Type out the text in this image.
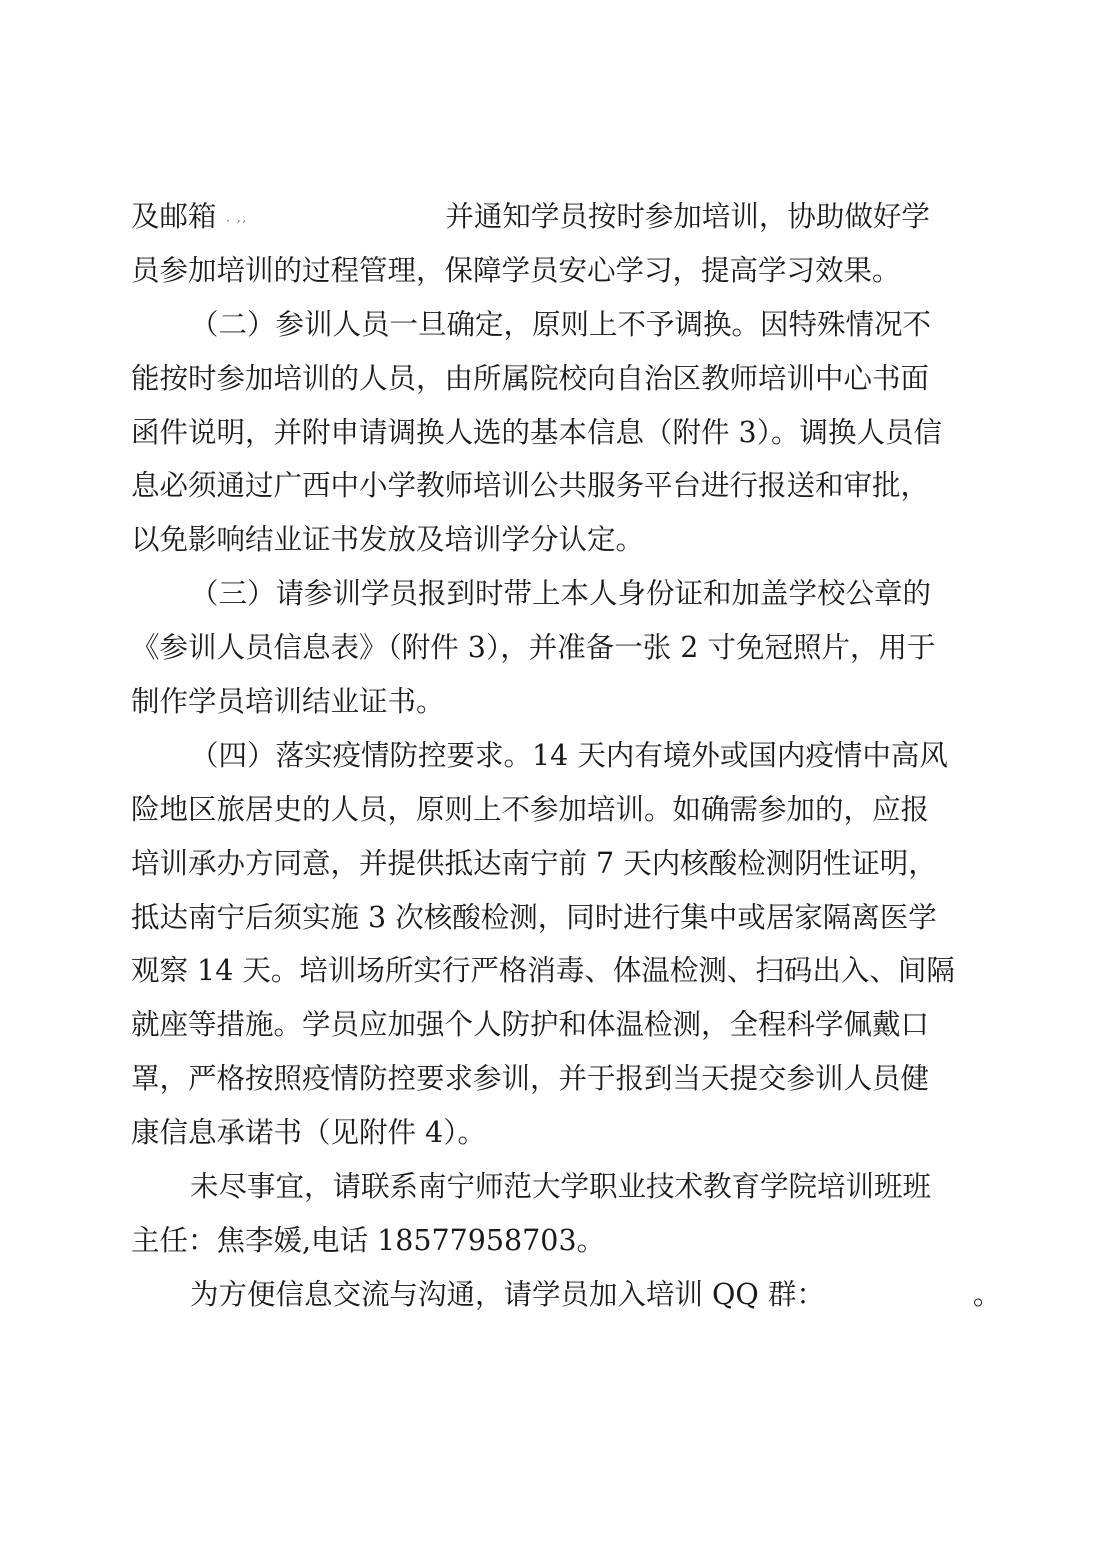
及邮箱 . ‚‚	并通知学员按时参加培训，协助做好学
员参加培训的过程管理，保障学员安心学习，提高学习效果。
（二）参训人员一旦确定，原则上不予调换。因特殊情况不
能按时参加培训的人员，由所属院校向自治区教师培训中心书面
函件说明，并附申请调换人选的基本信息（附件 3）。调换人员信
息必须通过广西中小学教师培训公共服务平台进行报送和审批，
以免影响结业证书发放及培训学分认定。
（三）请参训学员报到时带上本人身份证和加盖学校公章的
《参训人员信息表》（附件 3），并准备一张 2 寸免冠照片，用于
制作学员培训结业证书。
（四）落实疫情防控要求。14 天内有境外或国内疫情中高风
险地区旅居史的人员，原则上不参加培训。如确需参加的，应报
培训承办方同意，并提供抵达南宁前 7 天内核酸检测阴性证明，
抵达南宁后须实施 3 次核酸检测，同时进行集中或居家隔离医学
观察 14 天。培训场所实行严格消毒、体温检测、扫码出入、间隔
就座等措施。学员应加强个人防护和体温检测，全程科学佩戴口
罩，严格按照疫情防控要求参训，并于报到当天提交参训人员健
康信息承诺书（见附件 4）。
未尽事宜，请联系南宁师范大学职业技术教育学院培训班班
主任：焦李媛,电话 18577958703。
为方便信息交流与沟通，请学员加入培训 QQ 群：	。
